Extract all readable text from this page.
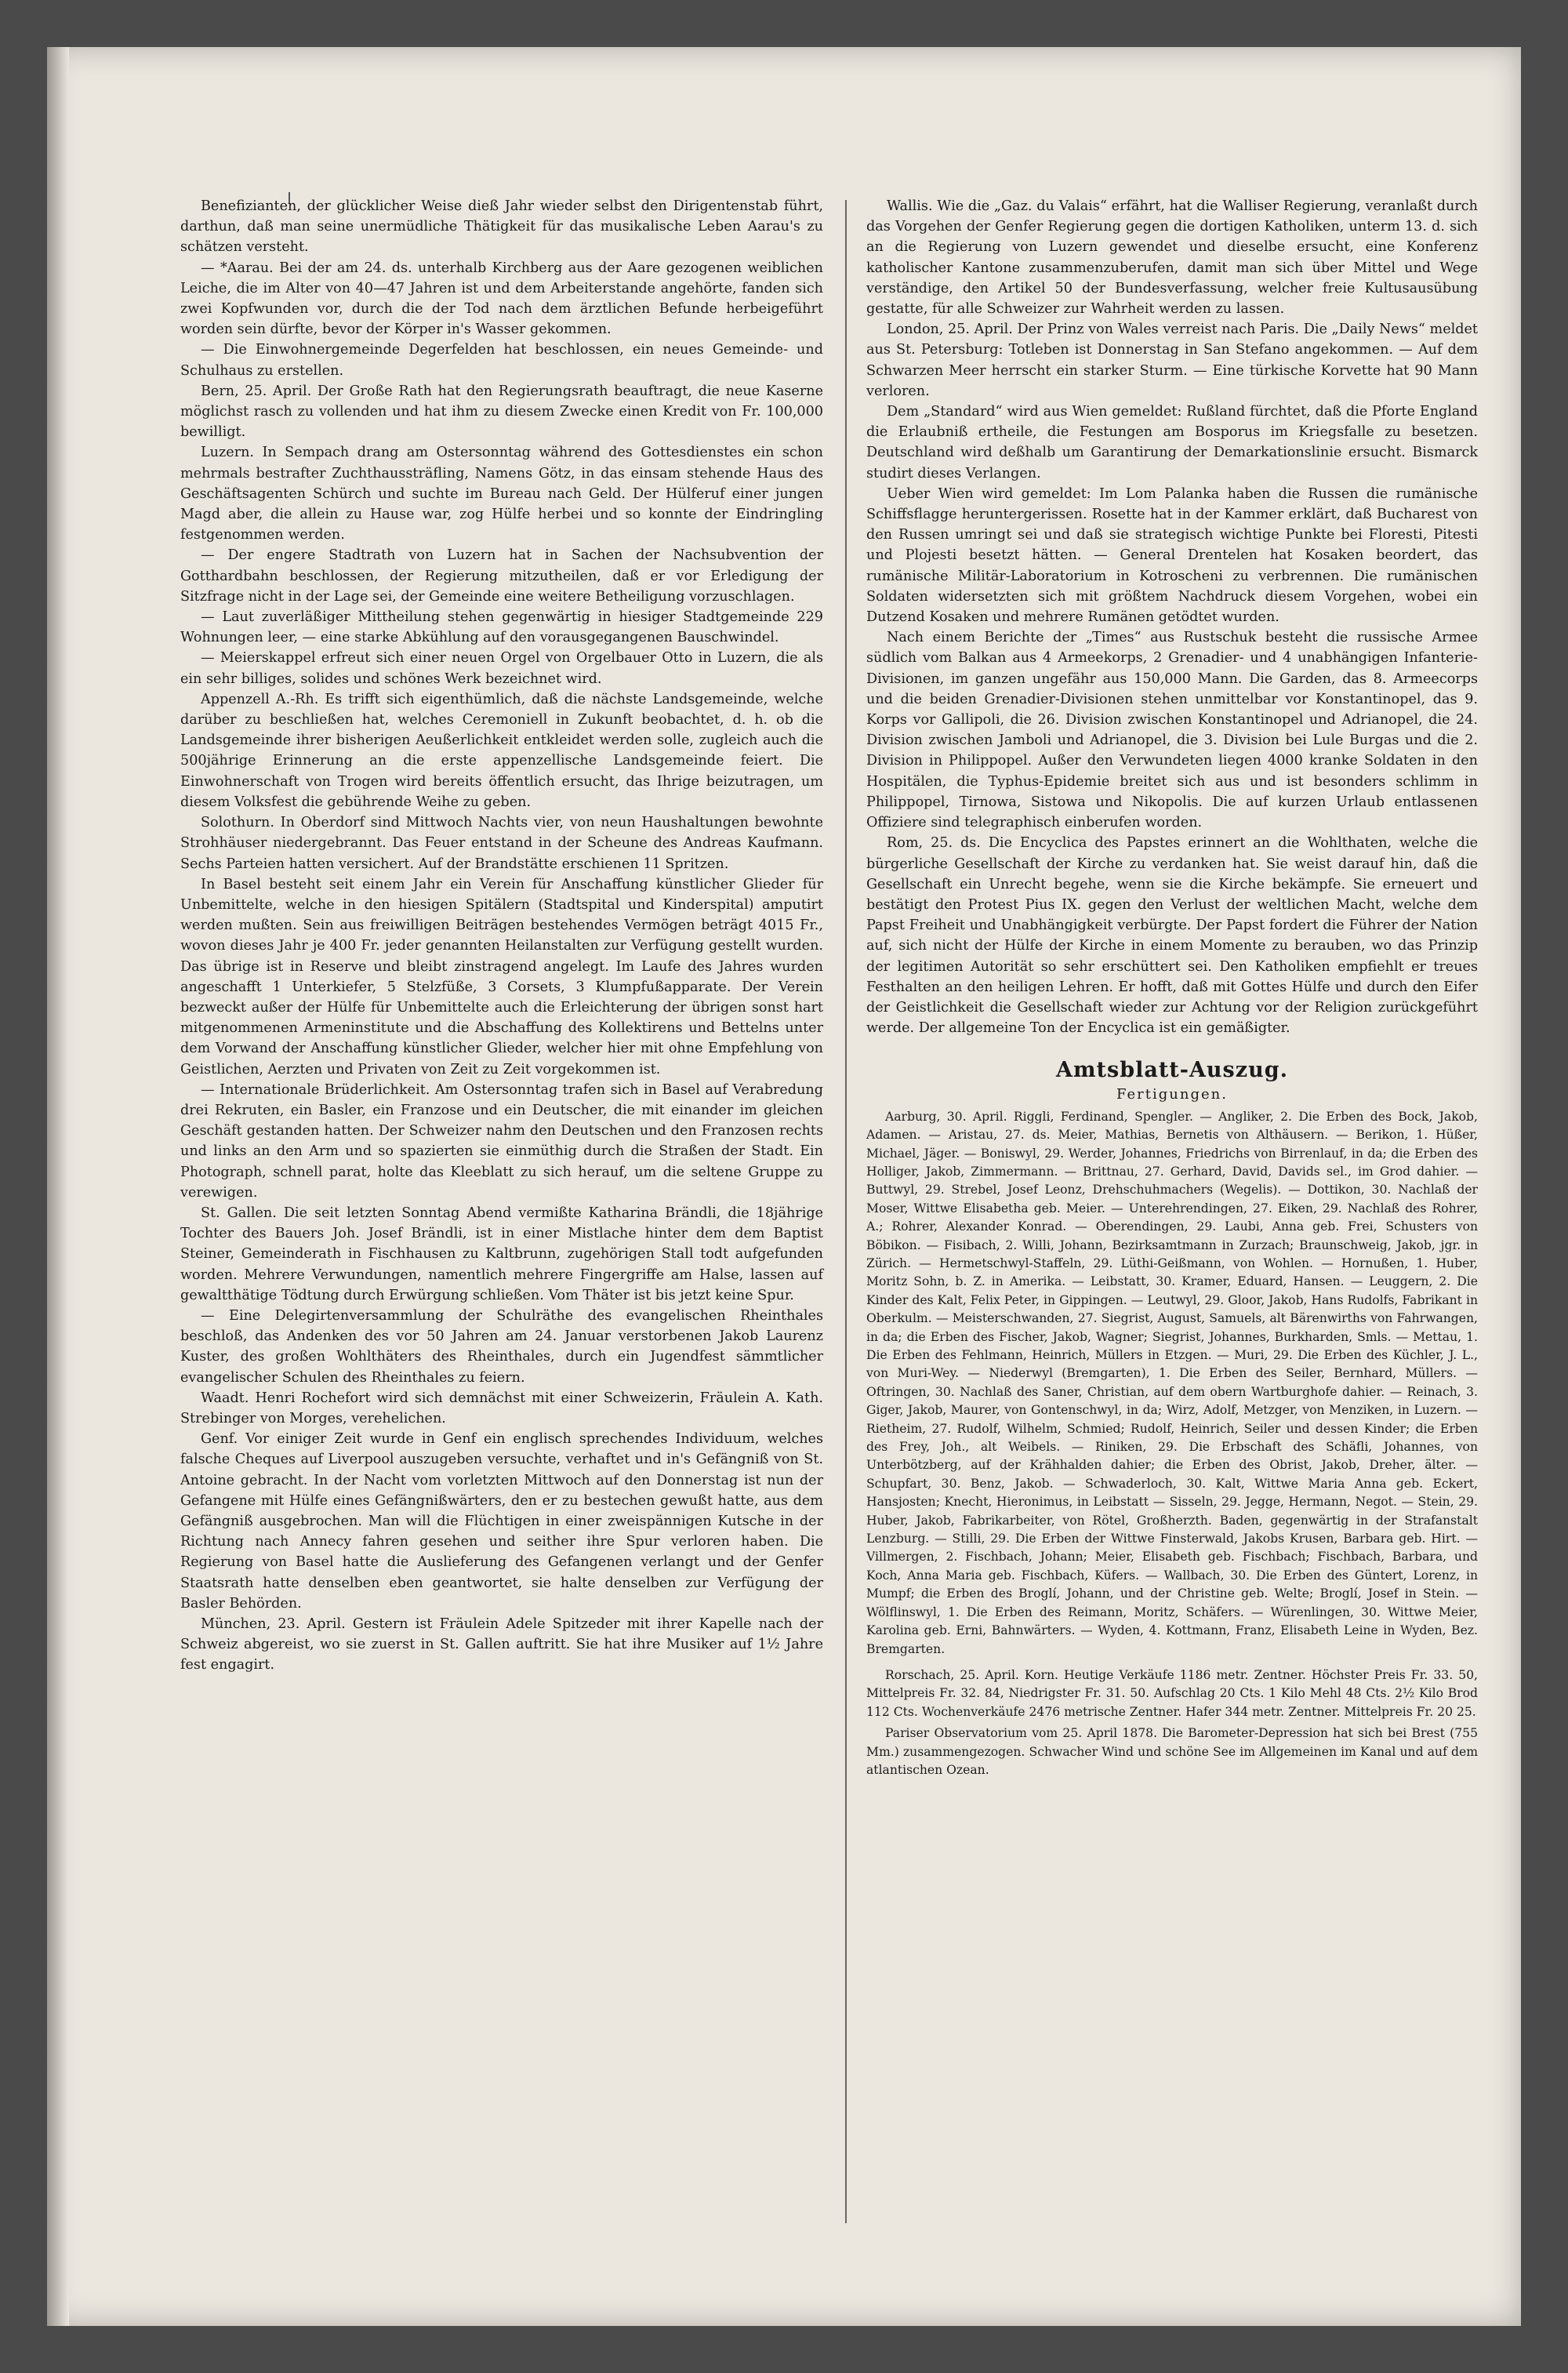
Benefizianten, der glücklicher Weise dieß Jahr wieder selbst den Dirigentenstab führt, darthun, daß man seine unermüdliche Thätigkeit für das musikalische Leben Aarau's zu schätzen versteht.

— *Aarau. Bei der am 24. ds. unterhalb Kirchberg aus der Aare gezogenen weiblichen Leiche, die im Alter von 40—47 Jahren ist und dem Arbeiterstande angehörte, fanden sich zwei Kopfwunden vor, durch die der Tod nach dem ärztlichen Befunde herbeigeführt worden sein dürfte, bevor der Körper in's Wasser gekommen.

— Die Einwohnergemeinde Degerfelden hat beschlossen, ein neues Gemeinde- und Schulhaus zu erstellen.

Bern, 25. April. Der Große Rath hat den Regierungsrath beauftragt, die neue Kaserne möglichst rasch zu vollenden und hat ihm zu diesem Zwecke einen Kredit von Fr. 100,000 bewilligt.

Luzern. In Sempach drang am Ostersonntag während des Gottesdienstes ein schon mehrmals bestrafter Zuchthaussträfling, Namens Götz, in das einsam stehende Haus des Geschäftsagenten Schürch und suchte im Bureau nach Geld. Der Hülferuf einer jungen Magd aber, die allein zu Hause war, zog Hülfe herbei und so konnte der Eindringling festgenommen werden.

— Der engere Stadtrath von Luzern hat in Sachen der Nachsubvention der Gotthardbahn beschlossen, der Regierung mitzutheilen, daß er vor Erledigung der Sitzfrage nicht in der Lage sei, der Gemeinde eine weitere Betheiligung vorzuschlagen.

— Laut zuverläßiger Mittheilung stehen gegenwärtig in hiesiger Stadtgemeinde 229 Wohnungen leer, — eine starke Abkühlung auf den vorausgegangenen Bauschwindel.

— Meierskappel erfreut sich einer neuen Orgel von Orgelbauer Otto in Luzern, die als ein sehr billiges, solides und schönes Werk bezeichnet wird.

Appenzell A.-Rh. Es trifft sich eigenthümlich, daß die nächste Landsgemeinde, welche darüber zu beschließen hat, welches Ceremoniell in Zukunft beobachtet, d. h. ob die Landsgemeinde ihrer bisherigen Aeußerlichkeit entkleidet werden solle, zugleich auch die 500jährige Erinnerung an die erste appenzellische Landsgemeinde feiert. Die Einwohnerschaft von Trogen wird bereits öffentlich ersucht, das Ihrige beizutragen, um diesem Volksfest die gebührende Weihe zu geben.

Solothurn. In Oberdorf sind Mittwoch Nachts vier, von neun Haushaltungen bewohnte Strohhäuser niedergebrannt. Das Feuer entstand in der Scheune des Andreas Kaufmann. Sechs Parteien hatten versichert. Auf der Brandstätte erschienen 11 Spritzen.

In Basel besteht seit einem Jahr ein Verein für Anschaffung künstlicher Glieder für Unbemittelte, welche in den hiesigen Spitälern (Stadtspital und Kinderspital) amputirt werden mußten. Sein aus freiwilligen Beiträgen bestehendes Vermögen beträgt 4015 Fr., wovon dieses Jahr je 400 Fr. jeder genannten Heilanstalten zur Verfügung gestellt wurden. Das übrige ist in Reserve und bleibt zinstragend angelegt. Im Laufe des Jahres wurden angeschafft 1 Unterkiefer, 5 Stelzfüße, 3 Corsets, 3 Klumpfußapparate. Der Verein bezweckt außer der Hülfe für Unbemittelte auch die Erleichterung der übrigen sonst hart mitgenommenen Armeninstitute und die Abschaffung des Kollektirens und Bettelns unter dem Vorwand der Anschaffung künstlicher Glieder, welcher hier mit ohne Empfehlung von Geistlichen, Aerzten und Privaten von Zeit zu Zeit vorgekommen ist.

— Internationale Brüderlichkeit. Am Ostersonntag trafen sich in Basel auf Verabredung drei Rekruten, ein Basler, ein Franzose und ein Deutscher, die mit einander im gleichen Geschäft gestanden hatten. Der Schweizer nahm den Deutschen und den Franzosen rechts und links an den Arm und so spazierten sie einmüthig durch die Straßen der Stadt. Ein Photograph, schnell parat, holte das Kleeblatt zu sich herauf, um die seltene Gruppe zu verewigen.

St. Gallen. Die seit letzten Sonntag Abend vermißte Katharina Brändli, die 18jährige Tochter des Bauers Joh. Josef Brändli, ist in einer Mistlache hinter dem dem Baptist Steiner, Gemeinderath in Fischhausen zu Kaltbrunn, zugehörigen Stall todt aufgefunden worden. Mehrere Verwundungen, namentlich mehrere Fingergriffe am Halse, lassen auf gewaltthätige Tödtung durch Erwürgung schließen. Vom Thäter ist bis jetzt keine Spur.

— Eine Delegirtenversammlung der Schulräthe des evangelischen Rheinthales beschloß, das Andenken des vor 50 Jahren am 24. Januar verstorbenen Jakob Laurenz Kuster, des großen Wohlthäters des Rheinthales, durch ein Jugendfest sämmtlicher evangelischer Schulen des Rheinthales zu feiern.

Waadt. Henri Rochefort wird sich demnächst mit einer Schweizerin, Fräulein A. Kath. Strebinger von Morges, verehelichen.

Genf. Vor einiger Zeit wurde in Genf ein englisch sprechendes Individuum, welches falsche Cheques auf Liverpool auszugeben versuchte, verhaftet und in's Gefängniß von St. Antoine gebracht. In der Nacht vom vorletzten Mittwoch auf den Donnerstag ist nun der Gefangene mit Hülfe eines Gefängnißwärters, den er zu bestechen gewußt hatte, aus dem Gefängniß ausgebrochen. Man will die Flüchtigen in einer zweispännigen Kutsche in der Richtung nach Annecy fahren gesehen und seither ihre Spur verloren haben. Die Regierung von Basel hatte die Auslieferung des Gefangenen verlangt und der Genfer Staatsrath hatte denselben eben geantwortet, sie halte denselben zur Verfügung der Basler Behörden.

München, 23. April. Gestern ist Fräulein Adele Spitzeder mit ihrer Kapelle nach der Schweiz abgereist, wo sie zuerst in St. Gallen auftritt. Sie hat ihre Musiker auf 1½ Jahre fest engagirt.

Wallis. Wie die „Gaz. du Valais“ erfährt, hat die Walliser Regierung, veranlaßt durch das Vorgehen der Genfer Regierung gegen die dortigen Katholiken, unterm 13. d. sich an die Regierung von Luzern gewendet und dieselbe ersucht, eine Konferenz katholischer Kantone zusammenzuberufen, damit man sich über Mittel und Wege verständige, den Artikel 50 der Bundesverfassung, welcher freie Kultusausübung gestatte, für alle Schweizer zur Wahrheit werden zu lassen.

London, 25. April. Der Prinz von Wales verreist nach Paris. Die „Daily News“ meldet aus St. Petersburg: Totleben ist Donnerstag in San Stefano angekommen. — Auf dem Schwarzen Meer herrscht ein starker Sturm. — Eine türkische Korvette hat 90 Mann verloren.

Dem „Standard“ wird aus Wien gemeldet: Rußland fürchtet, daß die Pforte England die Erlaubniß ertheile, die Festungen am Bosporus im Kriegsfalle zu besetzen. Deutschland wird deßhalb um Garantirung der Demarkationslinie ersucht. Bismarck studirt dieses Verlangen.

Ueber Wien wird gemeldet: Im Lom Palanka haben die Russen die rumänische Schiffsflagge heruntergerissen. Rosette hat in der Kammer erklärt, daß Bucharest von den Russen umringt sei und daß sie strategisch wichtige Punkte bei Floresti, Pitesti und Plojesti besetzt hätten. — General Drentelen hat Kosaken beordert, das rumänische Militär-Laboratorium in Kotroscheni zu verbrennen. Die rumänischen Soldaten widersetzten sich mit größtem Nachdruck diesem Vorgehen, wobei ein Dutzend Kosaken und mehrere Rumänen getödtet wurden.

Nach einem Berichte der „Times“ aus Rustschuk besteht die russische Armee südlich vom Balkan aus 4 Armeekorps, 2 Grenadier- und 4 unabhängigen Infanterie-Divisionen, im ganzen ungefähr aus 150,000 Mann. Die Garden, das 8. Armeecorps und die beiden Grenadier-Divisionen stehen unmittelbar vor Konstantinopel, das 9. Korps vor Gallipoli, die 26. Division zwischen Konstantinopel und Adrianopel, die 24. Division zwischen Jamboli und Adrianopel, die 3. Division bei Lule Burgas und die 2. Division in Philippopel. Außer den Verwundeten liegen 4000 kranke Soldaten in den Hospitälen, die Typhus-Epidemie breitet sich aus und ist besonders schlimm in Philippopel, Tirnowa, Sistowa und Nikopolis. Die auf kurzen Urlaub entlassenen Offiziere sind telegraphisch einberufen worden.

Rom, 25. ds. Die Encyclica des Papstes erinnert an die Wohlthaten, welche die bürgerliche Gesellschaft der Kirche zu verdanken hat. Sie weist darauf hin, daß die Gesellschaft ein Unrecht begehe, wenn sie die Kirche bekämpfe. Sie erneuert und bestätigt den Protest Pius IX. gegen den Verlust der weltlichen Macht, welche dem Papst Freiheit und Unabhängigkeit verbürgte. Der Papst fordert die Führer der Nation auf, sich nicht der Hülfe der Kirche in einem Momente zu berauben, wo das Prinzip der legitimen Autorität so sehr erschüttert sei. Den Katholiken empfiehlt er treues Festhalten an den heiligen Lehren. Er hofft, daß mit Gottes Hülfe und durch den Eifer der Geistlichkeit die Gesellschaft wieder zur Achtung vor der Religion zurückgeführt werde. Der allgemeine Ton der Encyclica ist ein gemäßigter.

Amtsblatt-Auszug.
Fertigungen.

Aarburg, 30. April. Riggli, Ferdinand, Spengler. — Angliker, 2. Die Erben des Bock, Jakob, Adamen. — Aristau, 27. ds. Meier, Mathias, Bernetis von Althäusern. — Berikon, 1. Hüßer, Michael, Jäger. — Boniswyl, 29. Werder, Johannes, Friedrichs von Birrenlauf, in da; die Erben des Holliger, Jakob, Zimmermann. — Brittnau, 27. Gerhard, David, Davids sel., im Grod dahier. — Buttwyl, 29. Strebel, Josef Leonz, Drehschuhmachers (Wegelis). — Dottikon, 30. Nachlaß der Moser, Wittwe Elisabetha geb. Meier. — Unterehrendingen, 27. Eiken, 29. Nachlaß des Rohrer, A.; Rohrer, Alexander Konrad. — Oberendingen, 29. Laubi, Anna geb. Frei, Schusters von Böbikon. — Fisibach, 2. Willi, Johann, Bezirksamtmann in Zurzach; Braunschweig, Jakob, jgr. in Zürich. — Hermetschwyl-Staffeln, 29. Lüthi-Geißmann, von Wohlen. — Hornußen, 1. Huber, Moritz Sohn, b. Z. in Amerika. — Leibstatt, 30. Kramer, Eduard, Hansen. — Leuggern, 2. Die Kinder des Kalt, Felix Peter, in Gippingen. — Leutwyl, 29. Gloor, Jakob, Hans Rudolfs, Fabrikant in Oberkulm. — Meisterschwanden, 27. Siegrist, August, Samuels, alt Bärenwirths von Fahrwangen, in da; die Erben des Fischer, Jakob, Wagner; Siegrist, Johannes, Burkharden, Smls. — Mettau, 1. Die Erben des Fehlmann, Heinrich, Müllers in Etzgen. — Muri, 29. Die Erben des Küchler, J. L., von Muri-Wey. — Niederwyl (Bremgarten), 1. Die Erben des Seiler, Bernhard, Müllers. — Oftringen, 30. Nachlaß des Saner, Christian, auf dem obern Wartburghofe dahier. — Reinach, 3. Giger, Jakob, Maurer, von Gontenschwyl, in da; Wirz, Adolf, Metzger, von Menziken, in Luzern. — Rietheim, 27. Rudolf, Wilhelm, Schmied; Rudolf, Heinrich, Seiler und dessen Kinder; die Erben des Frey, Joh., alt Weibels. — Riniken, 29. Die Erbschaft des Schäfli, Johannes, von Unterbötzberg, auf der Krähhalden dahier; die Erben des Obrist, Jakob, Dreher, älter. — Schupfart, 30. Benz, Jakob. — Schwaderloch, 30. Kalt, Wittwe Maria Anna geb. Eckert, Hansjosten; Knecht, Hieronimus, in Leibstatt — Sisseln, 29. Jegge, Hermann, Negot. — Stein, 29. Huber, Jakob, Fabrikarbeiter, von Rötel, Großherzth. Baden, gegenwärtig in der Strafanstalt Lenzburg. — Stilli, 29. Die Erben der Wittwe Finsterwald, Jakobs Krusen, Barbara geb. Hirt. — Villmergen, 2. Fischbach, Johann; Meier, Elisabeth geb. Fischbach; Fischbach, Barbara, und Koch, Anna Maria geb. Fischbach, Küfers. — Wallbach, 30. Die Erben des Güntert, Lorenz, in Mumpf; die Erben des Broglí, Johann, und der Christine geb. Welte; Broglí, Josef in Stein. — Wölflinswyl, 1. Die Erben des Reimann, Moritz, Schäfers. — Würenlingen, 30. Wittwe Meier, Karolina geb. Erni, Bahnwärters. — Wyden, 4. Kottmann, Franz, Elisabeth Leine in Wyden, Bez. Bremgarten.

Rorschach, 25. April. Korn. Heutige Verkäufe 1186 metr. Zentner. Höchster Preis Fr. 33. 50, Mittelpreis Fr. 32. 84, Niedrigster Fr. 31. 50. Aufschlag 20 Cts. 1 Kilo Mehl 48 Cts. 2½ Kilo Brod 112 Cts. Wochenverkäufe 2476 metrische Zentner. Hafer 344 metr. Zentner. Mittelpreis Fr. 20 25.

Pariser Observatorium vom 25. April 1878. Die Barometer-Depression hat sich bei Brest (755 Mm.) zusammengezogen. Schwacher Wind und schöne See im Allgemeinen im Kanal und auf dem atlantischen Ozean.
